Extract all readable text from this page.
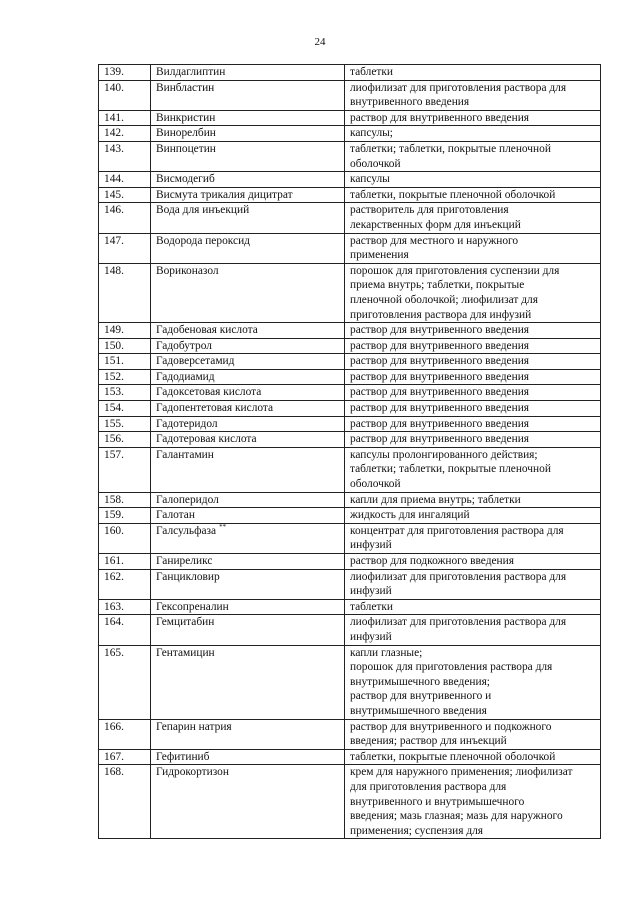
24
139.	Вилдаглиптин	таблетки
140.	Винбластин	лиофилизат для приготовления раствора для
внутривенного введения
141.	Винкристин	раствор для внутривенного введения
142.	Винорелбин	капсулы;
143.	Винпоцетин	таблетки; таблетки, покрытые пленочной
оболочкой
144.	Висмодегиб	капсулы
145.	Висмута трикалия дицитрат	таблетки, покрытые пленочной оболочкой
146.	Вода для инъекций	растворитель для приготовления
лекарственных форм для инъекций
147.	Водорода пероксид	раствор для местного и наружного
применения
148.	Вориконазол	порошок для приготовления суспензии для
приема внутрь; таблетки, покрытые
пленочной оболочкой; лиофилизат для
приготовления раствора для инфузий
149.	Гадобеновая кислота	раствор для внутривенного введения
150.	Гадобутрол	раствор для внутривенного введения
151.	Гадоверсетамид	раствор для внутривенного введения
152.	Гадодиамид	раствор для внутривенного введения
153.	Гадоксетовая кислота	раствор для внутривенного введения
154.	Гадопентетовая кислота	раствор для внутривенного введения
155.	Гадотеридол	раствор для внутривенного введения
156.	Гадотеровая кислота	раствор для внутривенного введения
157.	Галантамин	капсулы пролонгированного действия;
таблетки; таблетки, покрытые пленочной
оболочкой
158.	Галоперидол	капли для приема внутрь; таблетки
159.	Галотан	жидкость для ингаляций
160.	Галсульфаза **	концентрат для приготовления раствора для
инфузий
161.	Ганиреликс	раствор для подкожного введения
162.	Ганцикловир	лиофилизат для приготовления раствора для
инфузий
163.	Гексопреналин	таблетки
164.	Гемцитабин	лиофилизат для приготовления раствора для
инфузий
165.	Гентамицин	капли глазные;
порошок для приготовления раствора для
внутримышечного введения;
раствор для внутривенного и
внутримышечного введения
166.	Гепарин натрия	раствор для внутривенного и подкожного
введения; раствор для инъекций
167.	Гефитиниб	таблетки, покрытые пленочной оболочкой
168.	Гидрокортизон	крем для наружного применения; лиофилизат
для приготовления раствора для
внутривенного и внутримышечного
введения; мазь глазная; мазь для наружного
применения; суспензия для
